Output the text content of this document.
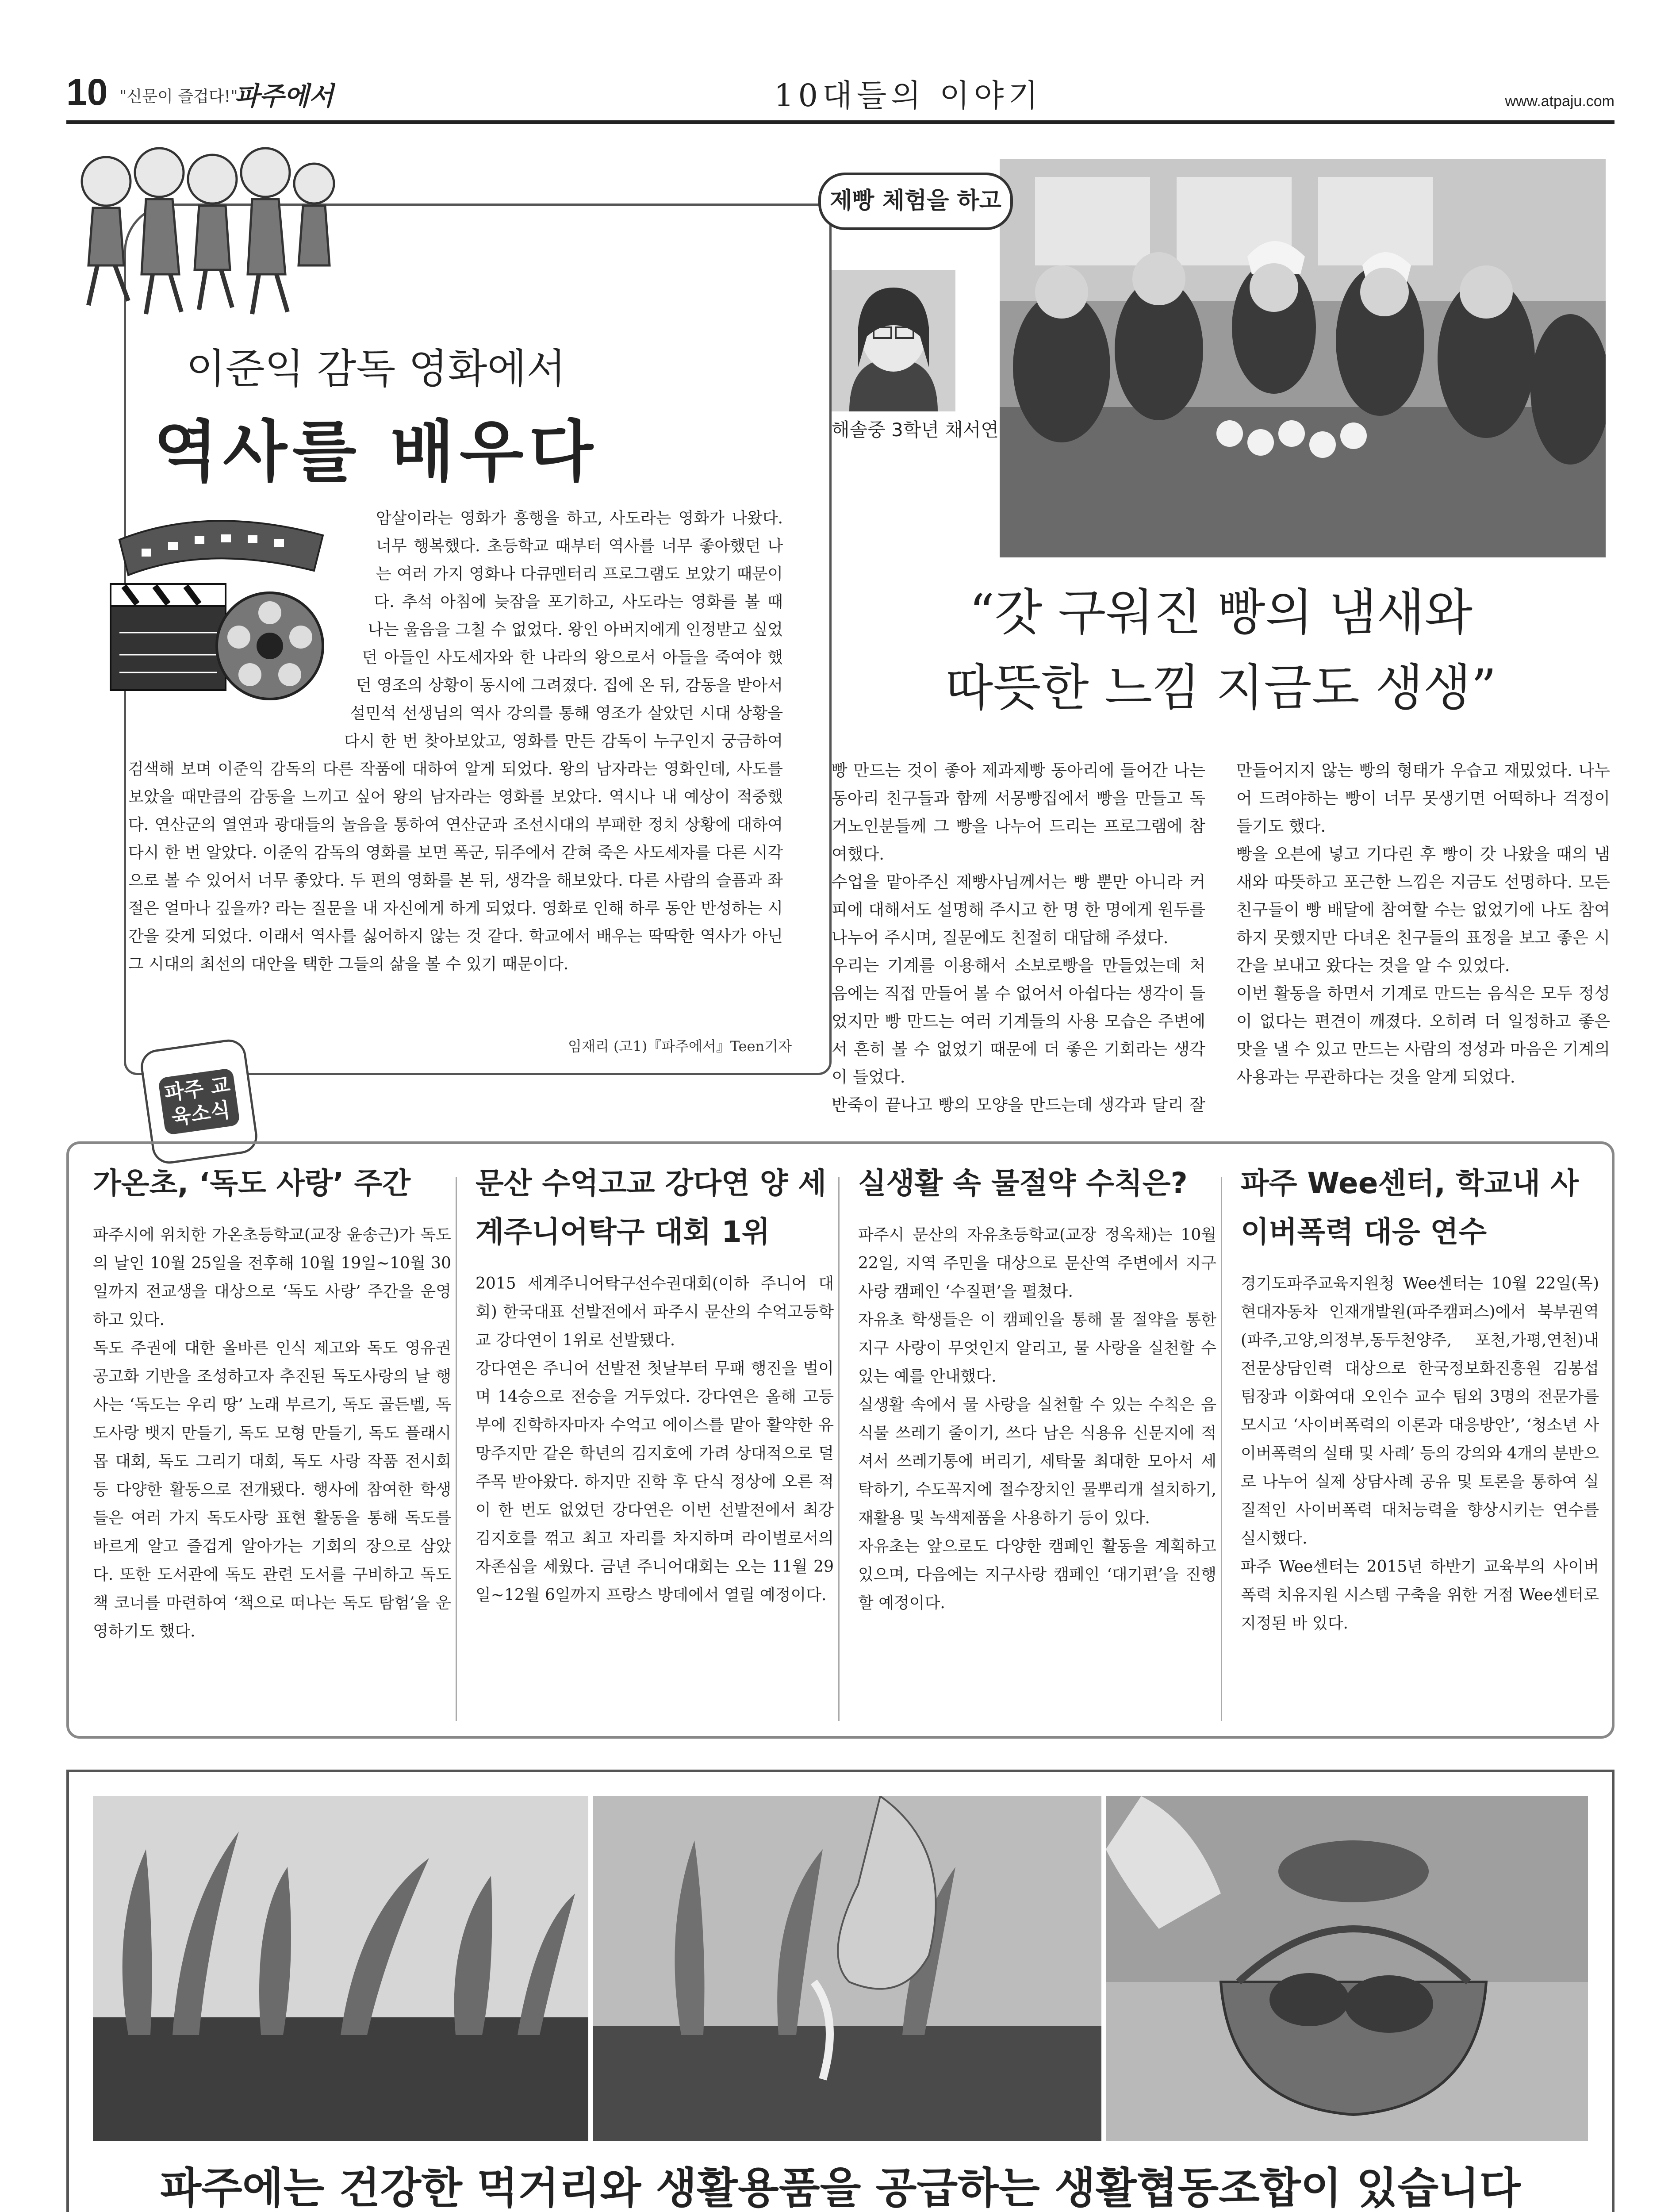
10 "신문이 즐겁다!"
파주에서	10대들의 이야기	www.atpaju.com
이준익 감독 영화에서
역사를 배우다
암살이라는 영화가 흥행을 하고, 사도라는 영화가 나왔다. 너무 행복했다. 초등학교 때부터 역사를 너무 좋아했던 나는 여러 가지 영화나 다큐멘터리 프로그램도 보았기 때문이다. 추석 아침에 늦잠을 포기하고, 사도라는 영화를 볼 때 나는 울음을 그칠 수 없었다. 왕인 아버지에게 인정받고 싶었던 아들인 사도세자와 한 나라의 왕으로서 아들을 죽여야 했던 영조의 상황이 동시에 그려졌다. 집에 온 뒤, 감동을 받아서 설민석 선생님의 역사 강의를 통해 영조가 살았던 시대 상황을 다시 한 번 찾아보았고, 영화를 만든 감독이 누구인지 궁금하여 검색해 보며 이준익 감독의 다른 작품에 대하여 알게 되었다. 왕의 남자라는 영화인데, 사도를 보았을 때만큼의 감동을 느끼고 싶어 왕의 남자라는 영화를 보았다. 역시나 내 예상이 적중했다. 연산군의 열연과 광대들의 놀음을 통하여 연산군과 조선시대의 부패한 정치 상황에 대하여 다시 한 번 알았다. 이준익 감독의 영화를 보면 폭군, 뒤주에서 갇혀 죽은 사도세자를 다른 시각으로 볼 수 있어서 너무 좋았다. 두 편의 영화를 본 뒤, 생각을 해보았다. 다른 사람의 슬픔과 좌절은 얼마나 깊을까? 라는 질문을 내 자신에게 하게 되었다. 영화로 인해 하루 동안 반성하는 시간을 갖게 되었다. 이래서 역사를 싫어하지 않는 것 같다. 학교에서 배우는 딱딱한 역사가 아닌 그 시대의 최선의 대안을 택한 그들의 삶을 볼 수 있기 때문이다.
임재리 (고1)『파주에서』Teen기자
파주 교육소식
제빵 체험을 하고
해솔중 3학년 채서연
“갓 구워진 빵의 냄새와
따뜻한 느낌 지금도 생생”
빵 만드는 것이 좋아 제과제빵 동아리에 들어간 나는 동아리 친구들과 함께 서몽빵집에서 빵을 만들고 독거노인분들께 그 빵을 나누어 드리는 프로그램에 참여했다.
수업을 맡아주신 제빵사님께서는 빵 뿐만 아니라 커피에 대해서도 설명해 주시고 한 명 한 명에게 원두를 나누어 주시며, 질문에도 친절히 대답해 주셨다.
우리는 기계를 이용해서 소보로빵을 만들었는데 처음에는 직접 만들어 볼 수 없어서 아쉽다는 생각이 들었지만 빵 만드는 여러 기계들의 사용 모습은 주변에서 흔히 볼 수 없었기 때문에 더 좋은 기회라는 생각이 들었다.
반죽이 끝나고 빵의 모양을 만드는데 생각과 달리 잘 만들어지지 않는 빵의 형태가 우습고 재밌었다. 나누어 드려야하는 빵이 너무 못생기면 어떡하나 걱정이 들기도 했다.
빵을 오븐에 넣고 기다린 후 빵이 갓 나왔을 때의 냄새와 따뜻하고 포근한 느낌은 지금도 선명하다. 모든 친구들이 빵 배달에 참여할 수는 없었기에 나도 참여하지 못했지만 다녀온 친구들의 표정을 보고 좋은 시간을 보내고 왔다는 것을 알 수 있었다.
이번 활동을 하면서 기계로 만드는 음식은 모두 정성이 없다는 편견이 깨졌다. 오히려 더 일정하고 좋은 맛을 낼 수 있고 만드는 사람의 정성과 마음은 기계의 사용과는 무관하다는 것을 알게 되었다.
가온초, ‘독도 사랑’ 주간
파주시에 위치한 가온초등학교(교장 윤송근)가 독도의 날인 10월 25일을 전후해 10월 19일~10월 30일까지 전교생을 대상으로 ‘독도 사랑’ 주간을 운영하고 있다.
독도 주권에 대한 올바른 인식 제고와 독도 영유권 공고화 기반을 조성하고자 추진된 독도사랑의 날 행사는 ‘독도는 우리 땅’ 노래 부르기, 독도 골든벨, 독도사랑 뱃지 만들기, 독도 모형 만들기, 독도 플래시몹 대회, 독도 그리기 대회, 독도 사랑 작품 전시회 등 다양한 활동으로 전개됐다. 행사에 참여한 학생들은 여러 가지 독도사랑 표현 활동을 통해 독도를 바르게 알고 즐겁게 알아가는 기회의 장으로 삼았다. 또한 도서관에 독도 관련 도서를 구비하고 독도 책 코너를 마련하여 ‘책으로 떠나는 독도 탐험’을 운영하기도 했다.
문산 수억고교 강다연 양 세계주니어탁구 대회 1위
2015 세계주니어탁구선수권대회(이하 주니어 대회) 한국대표 선발전에서 파주시 문산의 수억고등학교 강다연이 1위로 선발됐다.
강다연은 주니어 선발전 첫날부터 무패 행진을 벌이며 14승으로 전승을 거두었다. 강다연은 올해 고등부에 진학하자마자 수억고 에이스를 맡아 활약한 유망주지만 같은 학년의 김지호에 가려 상대적으로 덜 주목 받아왔다. 하지만 진학 후 단식 정상에 오른 적이 한 번도 없었던 강다연은 이번 선발전에서 최강 김지호를 꺾고 최고 자리를 차지하며 라이벌로서의 자존심을 세웠다. 금년 주니어대회는 오는 11월 29일~12월 6일까지 프랑스 방데에서 열릴 예정이다.
실생활 속 물절약 수칙은?
파주시 문산의 자유초등학교(교장 정옥채)는 10월 22일, 지역 주민을 대상으로 문산역 주변에서 지구 사랑 캠페인 ‘수질편’을 펼쳤다.
자유초 학생들은 이 캠페인을 통해 물 절약을 통한 지구 사랑이 무엇인지 알리고, 물 사랑을 실천할 수 있는 예를 안내했다.
실생활 속에서 물 사랑을 실천할 수 있는 수칙은 음식물 쓰레기 줄이기, 쓰다 남은 식용유 신문지에 적셔서 쓰레기통에 버리기, 세탁물 최대한 모아서 세탁하기, 수도꼭지에 절수장치인 물뿌리개 설치하기, 재활용 및 녹색제품을 사용하기 등이 있다.
자유초는 앞으로도 다양한 캠페인 활동을 계획하고 있으며, 다음에는 지구사랑 캠페인 ‘대기편’을 진행할 예정이다.
파주 Wee센터, 학교내 사이버폭력 대응 연수
경기도파주교육지원청 Wee센터는 10월 22일(목) 현대자동차 인재개발원(파주캠퍼스)에서 북부권역(파주,고양,의정부,동두천양주, 포천,가평,연천)내 전문상담인력 대상으로 한국정보화진흥원 김봉섭 팀장과 이화여대 오인수 교수 팀외 3명의 전문가를 모시고 ‘사이버폭력의 이론과 대응방안’, ‘청소년 사이버폭력의 실태 및 사례’ 등의 강의와 4개의 분반으로 나누어 실제 상담사례 공유 및 토론을 통하여 실질적인 사이버폭력 대처능력을 향상시키는 연수를 실시했다.
파주 Wee센터는 2015년 하반기 교육부의 사이버폭력 치유지원 시스템 구축을 위한 거점 Wee센터로 지정된 바 있다.
파주에는 건강한 먹거리와 생활용품을 공급하는 생활협동조합이 있습니다
